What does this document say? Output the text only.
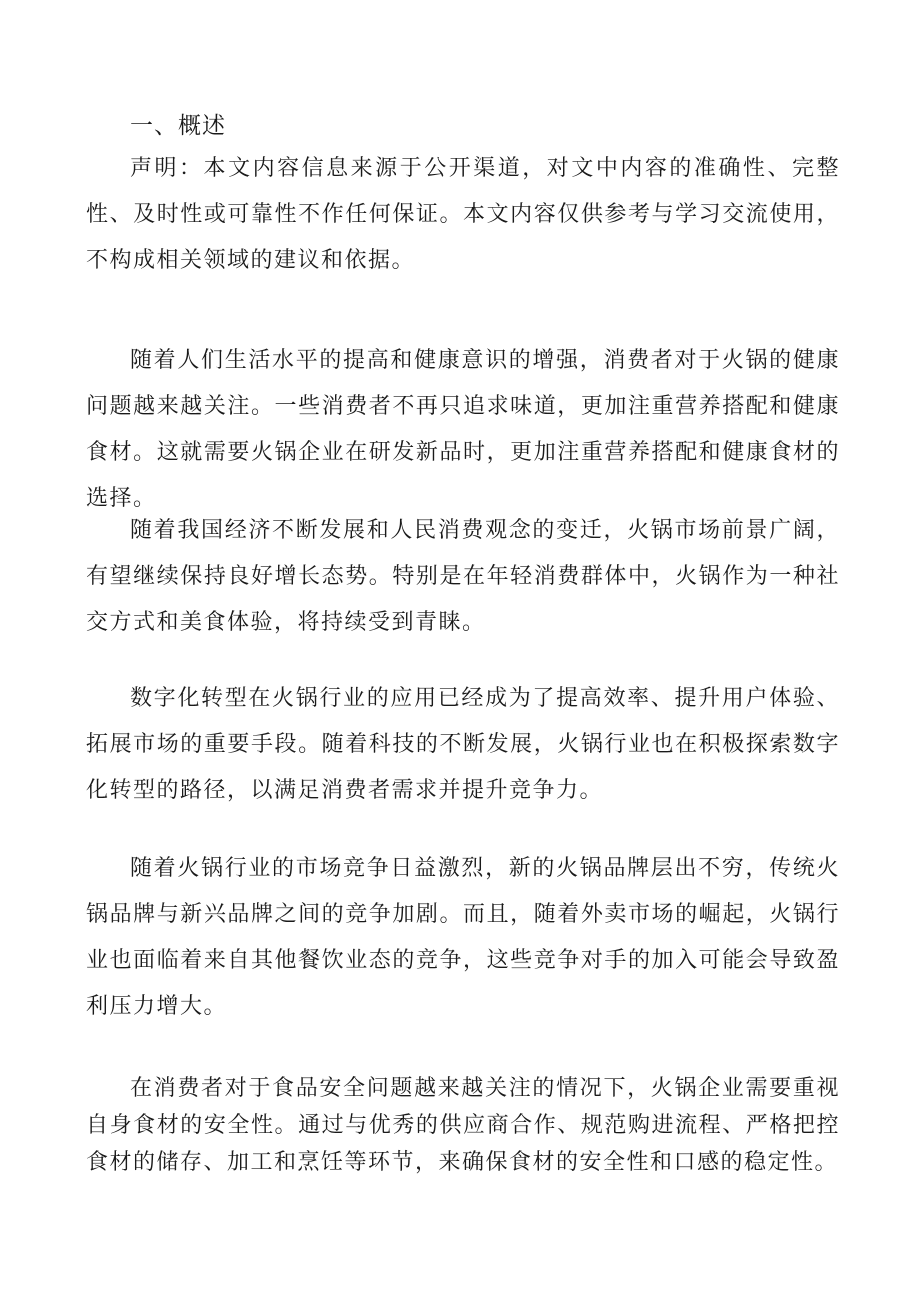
一、概述

声明：本文内容信息来源于公开渠道，对文中内容的准确性、完整性、及时性或可靠性不作任何保证。本文内容仅供参考与学习交流使用，不构成相关领域的建议和依据。

随着人们生活水平的提高和健康意识的增强，消费者对于火锅的健康问题越来越关注。一些消费者不再只追求味道，更加注重营养搭配和健康食材。这就需要火锅企业在研发新品时，更加注重营养搭配和健康食材的选择。

随着我国经济不断发展和人民消费观念的变迁，火锅市场前景广阔，有望继续保持良好增长态势。特别是在年轻消费群体中，火锅作为一种社交方式和美食体验，将持续受到青睐。

数字化转型在火锅行业的应用已经成为了提高效率、提升用户体验、拓展市场的重要手段。随着科技的不断发展，火锅行业也在积极探索数字化转型的路径，以满足消费者需求并提升竞争力。

随着火锅行业的市场竞争日益激烈，新的火锅品牌层出不穷，传统火锅品牌与新兴品牌之间的竞争加剧。而且，随着外卖市场的崛起，火锅行业也面临着来自其他餐饮业态的竞争，这些竞争对手的加入可能会导致盈利压力增大。

在消费者对于食品安全问题越来越关注的情况下，火锅企业需要重视自身食材的安全性。通过与优秀的供应商合作、规范购进流程、严格把控食材的储存、加工和烹饪等环节，来确保食材的安全性和口感的稳定性。
